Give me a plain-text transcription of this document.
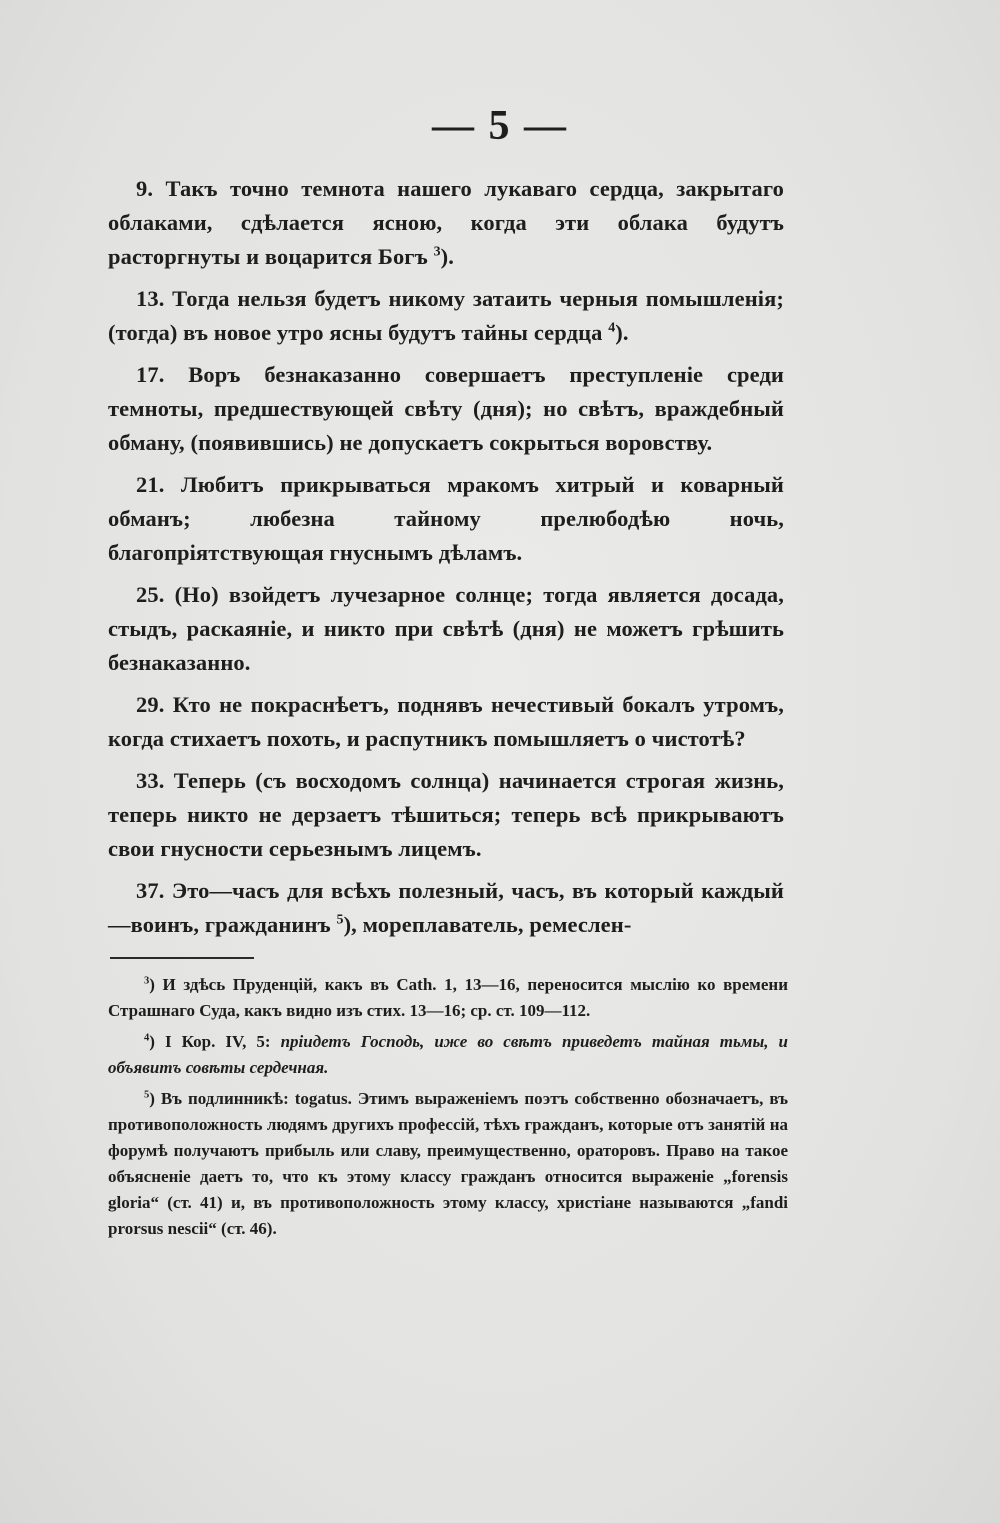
— 5 —

9. Такъ точно темнота нашего лукаваго сердца, закрытаго облаками, сдѣлается ясною, когда эти облака будутъ расторгнуты и воцарится Богъ $^3$).

13. Тогда нельзя будетъ никому затаить черныя помышленія; (тогда) въ новое утро ясны будутъ тайны сердца $^4$).

17. Воръ безнаказанно совершаетъ преступленіе среди темноты, предшествующей свѣту (дня); но свѣтъ, враждебный обману, (появившись) не допускаетъ сокрыться воровству.

21. Любитъ прикрываться мракомъ хитрый и коварный обманъ; любезна тайному прелюбодѣю ночь, благопріятствующая гнуснымъ дѣламъ.

25. (Но) взойдетъ лучезарное солнце; тогда является досада, стыдъ, раскаяніе, и никто при свѣтѣ (дня) не можетъ грѣшить безнаказанно.

29. Кто не покраснѣетъ, поднявъ нечестивый бокалъ утромъ, когда стихаетъ похоть, и распутникъ помышляетъ о чистотѣ?

33. Теперь (съ восходомъ солнца) начинается строгая жизнь, теперь никто не дерзаетъ тѣшиться; теперь всѣ прикрываютъ свои гнусности серьезнымъ лицемъ.

37. Это—часъ для всѣхъ полезный, часъ, въ который каждый—воинъ, гражданинъ $^5$), мореплаватель, ремеслен-

$^3$) И здѣсь Пруденцій, какъ въ Cath. 1, 13—16, переносится мыслію ко времени Страшнаго Суда, какъ видно изъ стих. 13—16; ср. ст. 109—112.

$^4$) I Кор. IV, 5: пріидетъ Господь, иже во свѣтъ приведетъ тайная тьмы, и объявитъ совѣты сердечная.

$^5$) Въ подлинникѣ: togatus. Этимъ выраженіемъ поэтъ собственно обозначаетъ, въ противоположность людямъ другихъ профессій, тѣхъ гражданъ, которые отъ занятій на форумѣ получаютъ прибыль или славу, преимущественно, ораторовъ. Право на такое объясненіе даетъ то, что къ этому классу гражданъ относится выраженіе „forensis gloria“ (ст. 41) и, въ противоположность этому классу, христіане называются „fandi prorsus nescii“ (ст. 46).
